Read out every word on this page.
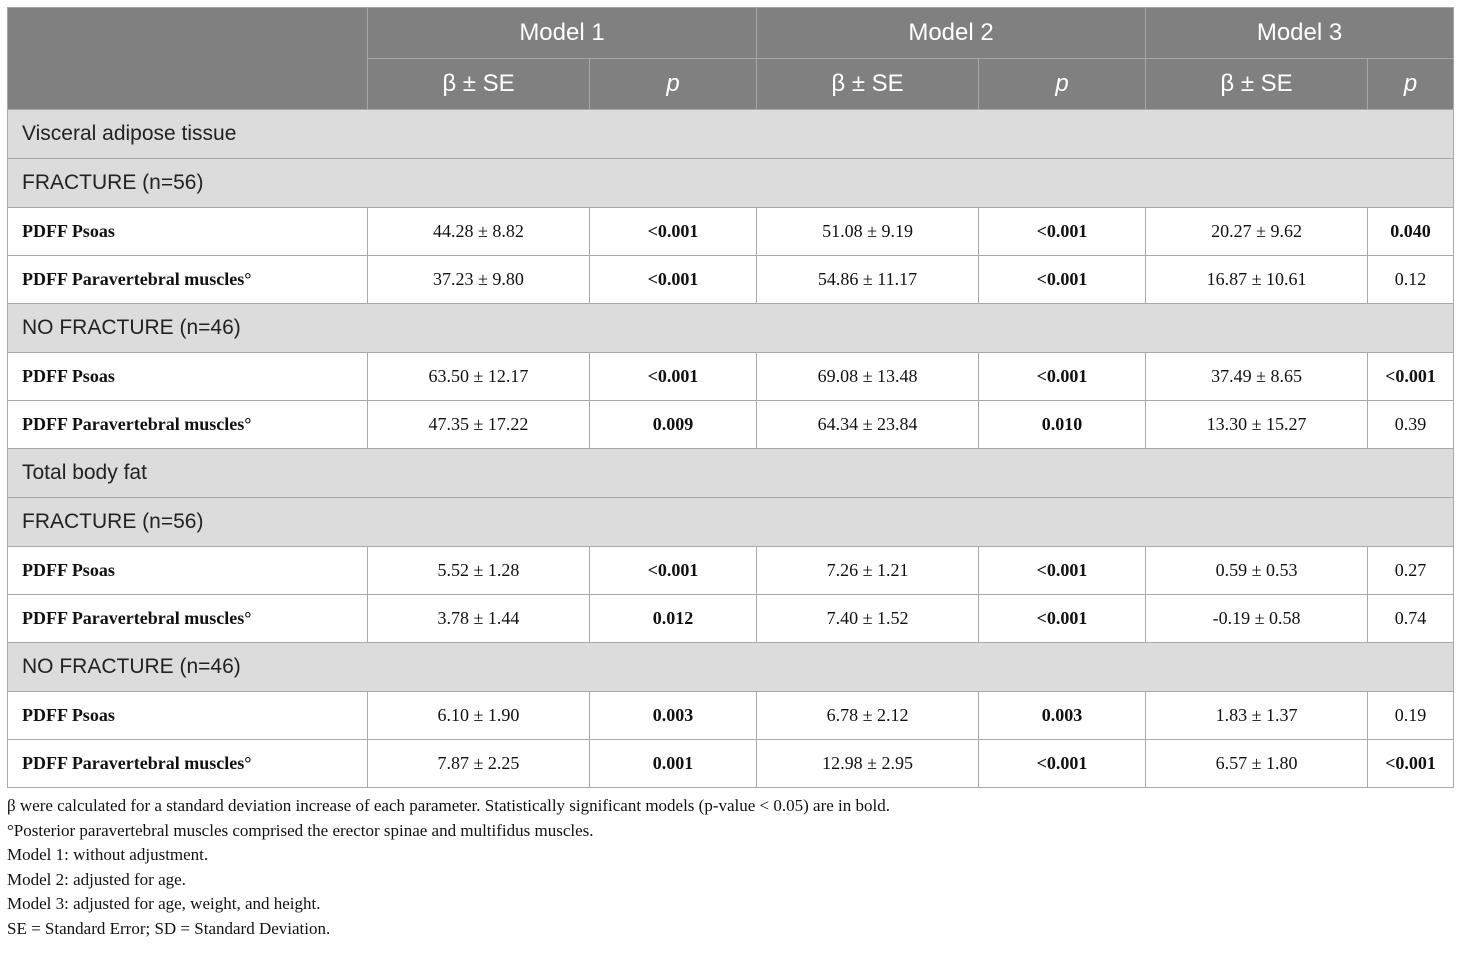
	Model 1		Model 2		Model 3	
	β ± SE	p	β ± SE	p	β ± SE	p
Visceral adipose tissue						
FRACTURE (n=56)						
PDFF Psoas	44.28 ± 8.82	<0.001	51.08 ± 9.19	<0.001	20.27 ± 9.62	0.040
PDFF Paravertebral muscles°	37.23 ± 9.80	<0.001	54.86 ± 11.17	<0.001	16.87 ± 10.61	0.12
NO FRACTURE (n=46)						
PDFF Psoas	63.50 ± 12.17	<0.001	69.08 ± 13.48	<0.001	37.49 ± 8.65	<0.001
PDFF Paravertebral muscles°	47.35 ± 17.22	0.009	64.34 ± 23.84	0.010	13.30 ± 15.27	0.39
Total body fat						
FRACTURE (n=56)						
PDFF Psoas	5.52 ± 1.28	<0.001	7.26 ± 1.21	<0.001	0.59 ± 0.53	0.27
PDFF Paravertebral muscles°	3.78 ± 1.44	0.012	7.40 ± 1.52	<0.001	-0.19 ± 0.58	0.74
NO FRACTURE (n=46)						
PDFF Psoas	6.10 ± 1.90	0.003	6.78 ± 2.12	0.003	1.83 ± 1.37	0.19
PDFF Paravertebral muscles°	7.87 ± 2.25	0.001	12.98 ± 2.95	<0.001	6.57 ± 1.80	<0.001
β were calculated for a standard deviation increase of each parameter. Statistically significant models (p-value < 0.05) are in bold.
°Posterior paravertebral muscles comprised the erector spinae and multifidus muscles.
Model 1: without adjustment.
Model 2: adjusted for age.
Model 3: adjusted for age, weight, and height.
SE = Standard Error; SD = Standard Deviation.
